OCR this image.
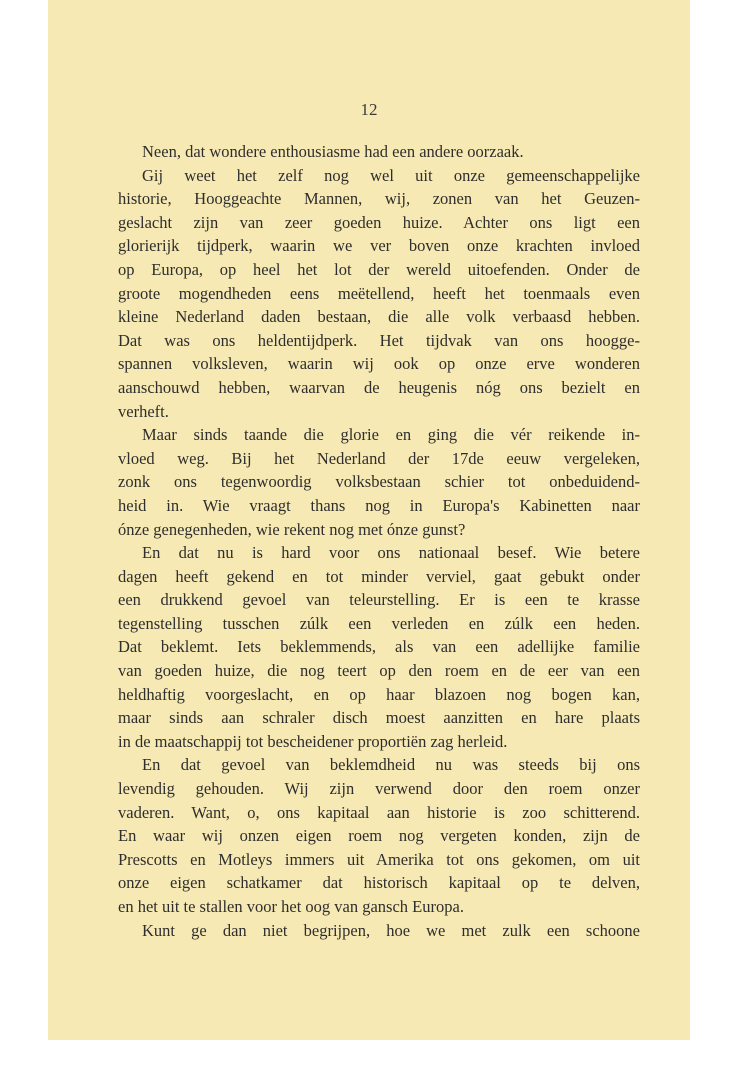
12
Neen, dat wondere enthousiasme had een andere oorzaak.
Gij weet het zelf nog wel uit onze gemeenschappelijke
historie, Hooggeachte Mannen, wij, zonen van het Geuzen-
geslacht zijn van zeer goeden huize. Achter ons ligt een
glorierijk tijdperk, waarin we ver boven onze krachten invloed
op Europa, op heel het lot der wereld uitoefenden. Onder de
groote mogendheden eens meëtellend, heeft het toenmaals even
kleine Nederland daden bestaan, die alle volk verbaasd hebben.
Dat was ons heldentijdperk. Het tijdvak van ons hoogge-
spannen volksleven, waarin wij ook op onze erve wonderen
aanschouwd hebben, waarvan de heugenis nóg ons bezielt en
verheft.
Maar sinds taande die glorie en ging die vér reikende in-
vloed weg. Bij het Nederland der 17de eeuw vergeleken,
zonk ons tegenwoordig volksbestaan schier tot onbeduidend-
heid in. Wie vraagt thans nog in Europa's Kabinetten naar
ónze genegenheden, wie rekent nog met ónze gunst?
En dat nu is hard voor ons nationaal besef. Wie betere
dagen heeft gekend en tot minder verviel, gaat gebukt onder
een drukkend gevoel van teleurstelling. Er is een te krasse
tegenstelling tusschen zúlk een verleden en zúlk een heden.
Dat beklemt. Iets beklemmends, als van een adellijke familie
van goeden huize, die nog teert op den roem en de eer van een
heldhaftig voorgeslacht, en op haar blazoen nog bogen kan,
maar sinds aan schraler disch moest aanzitten en hare plaats
in de maatschappij tot bescheidener proportiën zag herleid.
En dat gevoel van beklemdheid nu was steeds bij ons
levendig gehouden. Wij zijn verwend door den roem onzer
vaderen. Want, o, ons kapitaal aan historie is zoo schitterend.
En waar wij onzen eigen roem nog vergeten konden, zijn de
Prescotts en Motleys immers uit Amerika tot ons gekomen, om uit
onze eigen schatkamer dat historisch kapitaal op te delven,
en het uit te stallen voor het oog van gansch Europa.
Kunt ge dan niet begrijpen, hoe we met zulk een schoone
